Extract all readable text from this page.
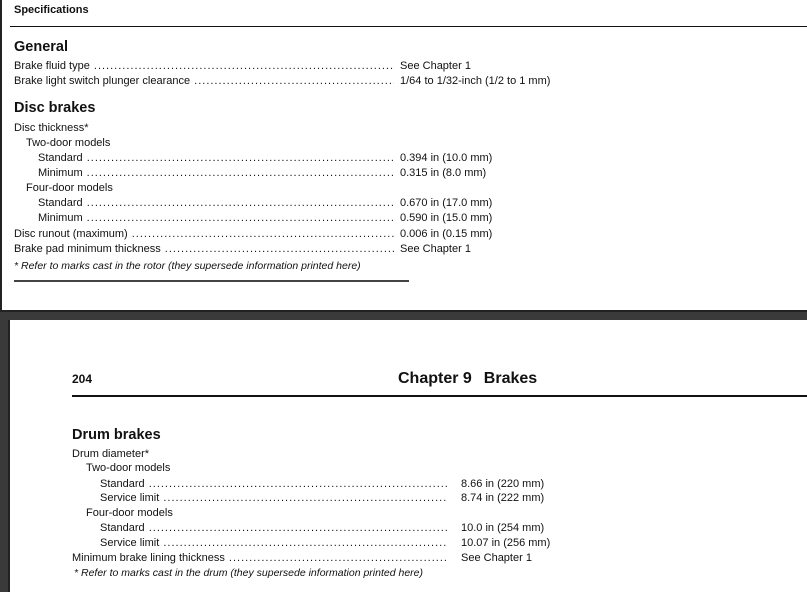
Specifications
General
Brake fluid type .....	See Chapter 1
Brake light switch plunger clearance .....	1/64 to 1/32-inch (1/2 to 1 mm)
Disc brakes
Disc thickness*
Two-door models
Standard .....	0.394 in (10.0 mm)
Minimum .....	0.315 in (8.0 mm)
Four-door models
Standard .....	0.670 in (17.0 mm)
Minimum .....	0.590 in (15.0 mm)
Disc runout (maximum) .....	0.006 in (0.15 mm)
Brake pad minimum thickness .....	See Chapter 1
* Refer to marks cast in the rotor (they supersede information printed here)
204	Chapter 9 Brakes
Drum brakes
Drum diameter*
Two-door models
Standard .....	8.66 in (220 mm)
Service limit .....	8.74 in (222 mm)
Four-door models
Standard .....	10.0 in (254 mm)
Service limit .....	10.07 in (256 mm)
Minimum brake lining thickness .....	See Chapter 1
* Refer to marks cast in the drum (they supersede information printed here)
